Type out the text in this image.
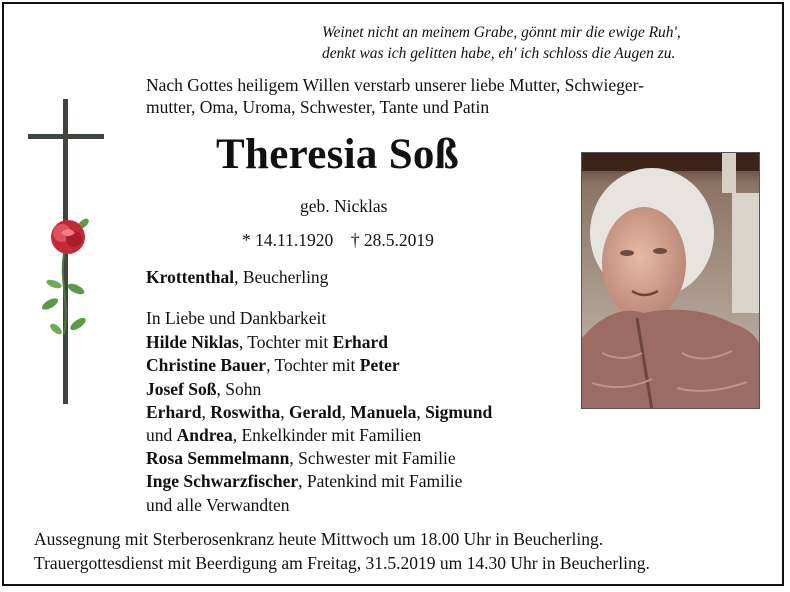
Weinet nicht an meinem Grabe, gönnt mir die ewige Ruh',
denkt was ich gelitten habe, eh' ich schloss die Augen zu.
Nach Gottes heiligem Willen verstarb unserer liebe Mutter, Schwieger-
mutter, Oma, Uroma, Schwester, Tante und Patin
Theresia Soß
geb. Nicklas
* 14.11.1920 † 28.5.2019
Krottenthal, Beucherling
In Liebe und Dankbarkeit
Hilde Niklas, Tochter mit Erhard
Christine Bauer, Tochter mit Peter
Josef Soß, Sohn
Erhard, Roswitha, Gerald, Manuela, Sigmund
und Andrea, Enkelkinder mit Familien
Rosa Semmelmann, Schwester mit Familie
Inge Schwarzfischer, Patenkind mit Familie
und alle Verwandten
Aussegnung mit Sterberosenkranz heute Mittwoch um 18.00 Uhr in Beucherling.
Trauergottesdienst mit Beerdigung am Freitag, 31.5.2019 um 14.30 Uhr in Beucherling.
